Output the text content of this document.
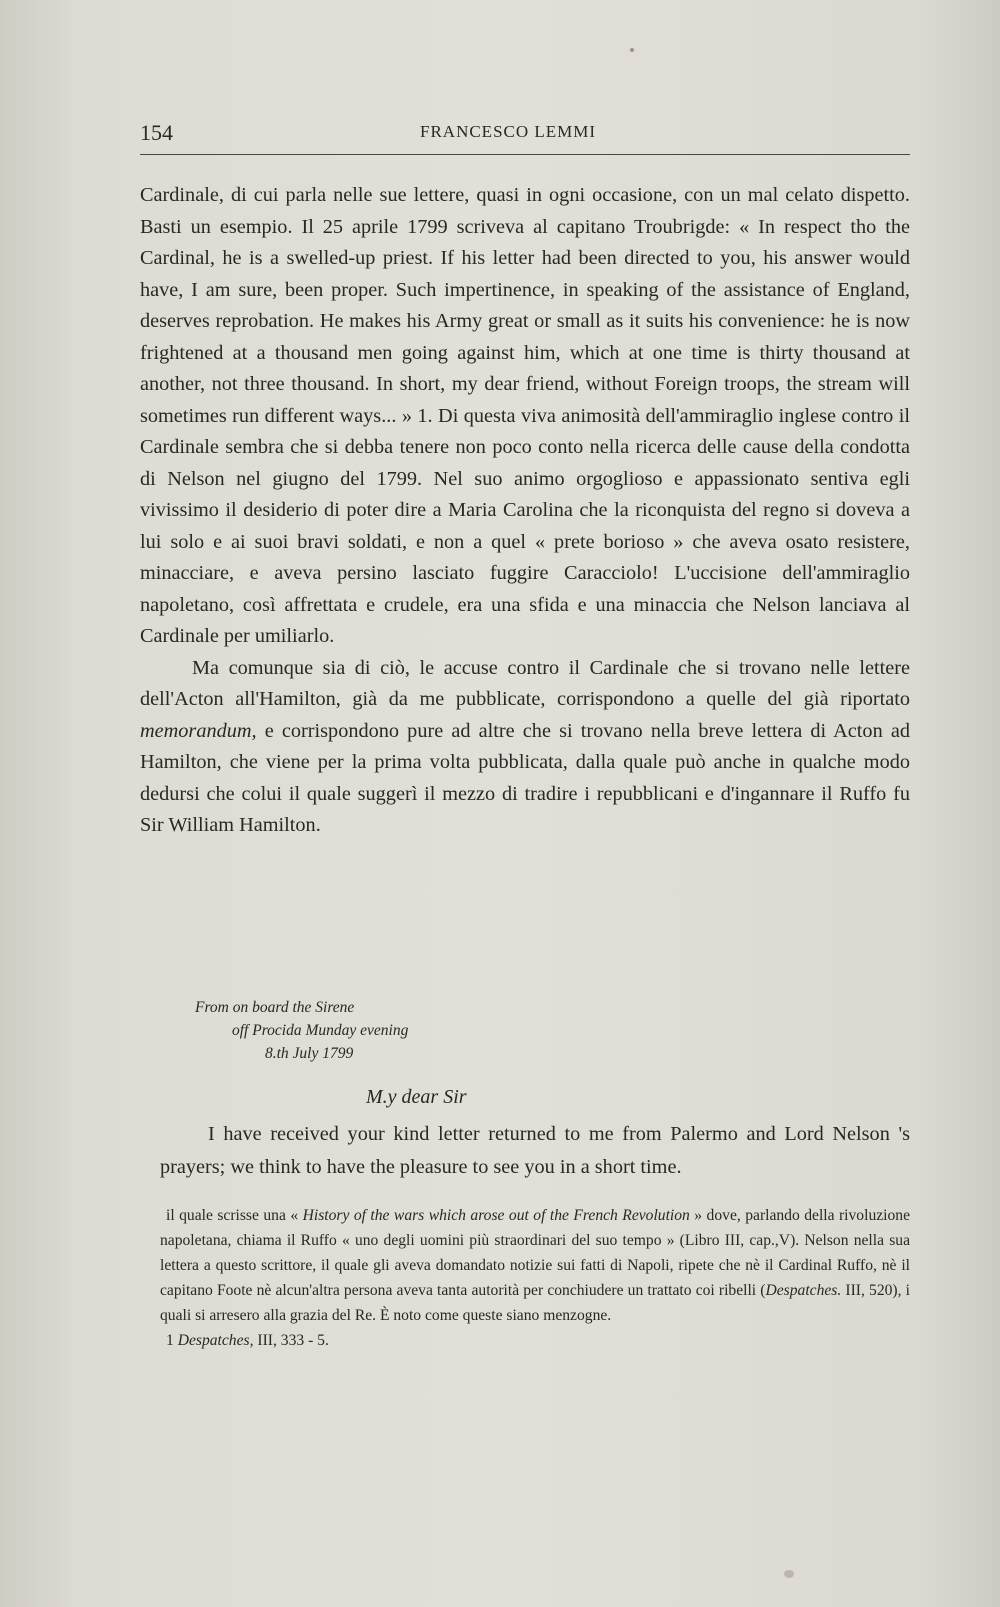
154	FRANCESCO LEMMI

Cardinale, di cui parla nelle sue lettere, quasi in ogni occasione, con un mal celato dispetto. Basti un esempio. Il 25 aprile 1799 scriveva al capitano Troubrigde: « In respect tho the Cardinal, he is a swelled-up priest. If his letter had been directed to you, his answer would have, I am sure, been proper. Such impertinence, in speaking of the assistance of England, deserves reprobation. He makes his Army great or small as it suits his convenience: he is now frightened at a thousand men going against him, which at one time is thirty thousand at another, not three thousand. In short, my dear friend, without Foreign troops, the stream will sometimes run different ways... » 1. Di questa viva animosità dell'ammiraglio inglese contro il Cardinale sembra che si debba tenere non poco conto nella ricerca delle cause della condotta di Nelson nel giugno del 1799. Nel suo animo orgoglioso e appassionato sentiva egli vivissimo il desiderio di poter dire a Maria Carolina che la riconquista del regno si doveva a lui solo e ai suoi bravi soldati, e non a quel « prete borioso » che aveva osato resistere, minacciare, e aveva persino lasciato fuggire Caracciolo! L'uccisione dell'ammiraglio napoletano, così affrettata e crudele, era una sfida e una minaccia che Nelson lanciava al Cardinale per umiliarlo.

Ma comunque sia di ciò, le accuse contro il Cardinale che si trovano nelle lettere dell'Acton all'Hamilton, già da me pubblicate, corrispondono a quelle del già riportato memorandum, e corrispondono pure ad altre che si trovano nella breve lettera di Acton ad Hamilton, che viene per la prima volta pubblicata, dalla quale può anche in qualche modo dedursi che colui il quale suggerì il mezzo di tradire i repubblicani e d'ingannare il Ruffo fu Sir William Hamilton.

From on board the Sirene
off Procida Munday evening
8.th July 1799
M.y dear Sir

I have received your kind letter returned to me from Palermo and Lord Nelson 's prayers; we think to have the pleasure to see you in a short time.

il quale scrisse una « History of the wars which arose out of the French Revolution » dove, parlando della rivoluzione napoletana, chiama il Ruffo « uno degli uomini più straordinari del suo tempo » (Libro III, cap.,V). Nelson nella sua lettera a questo scrittore, il quale gli aveva domandato notizie sui fatti di Napoli, ripete che nè il Cardinal Ruffo, nè il capitano Foote nè alcun'altra persona aveva tanta autorità per conchiudere un trattato coi ribelli (Despatches. III, 520), i quali si arresero alla grazia del Re. È noto come queste siano menzogne.

1 Despatches, III, 333 - 5.
